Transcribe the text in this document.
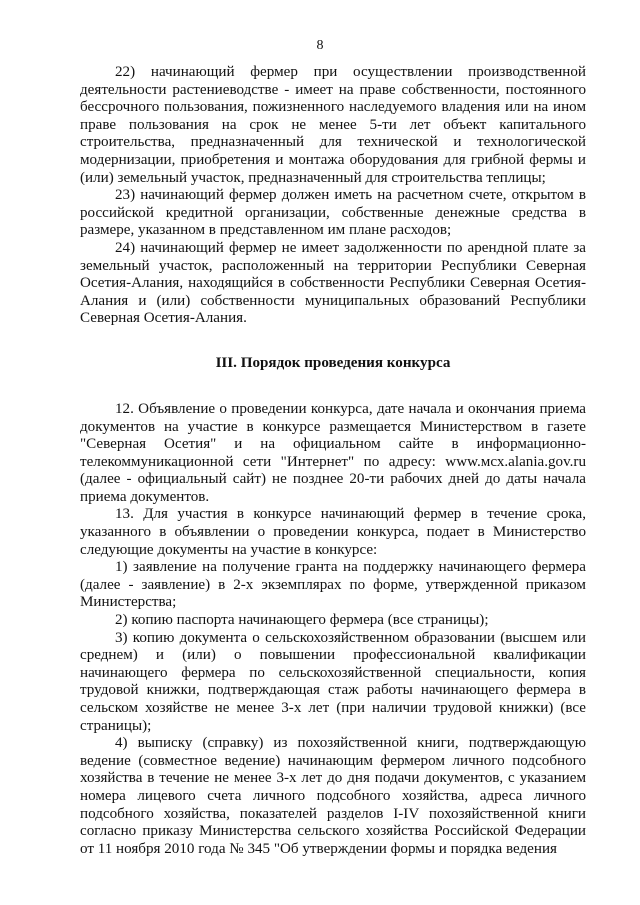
8

22) начинающий фермер при осуществлении производственной деятельности растениеводстве - имеет на праве собственности, постоянного бессрочного пользования, пожизненного наследуемого владения или на ином праве пользования на срок не менее 5-ти лет объект капитального строительства, предназначенный для технической и технологической модернизации, приобретения и монтажа оборудования для грибной фермы и (или) земельный участок, предназначенный для строительства теплицы;

23) начинающий фермер должен иметь на расчетном счете, открытом в российской кредитной организации, собственные денежные средства в размере, указанном в представленном им плане расходов;

24) начинающий фермер не имеет задолженности по арендной плате за земельный участок, расположенный на территории Республики Северная Осетия-Алания, находящийся в собственности Республики Северная Осетия-Алания и (или) собственности муниципальных образований Республики Северная Осетия-Алания.

III. Порядок проведения конкурса

12. Объявление о проведении конкурса, дате начала и окончания приема документов на участие в конкурсе размещается Министерством в газете "Северная Осетия" и на официальном сайте в информационно-телекоммуникационной сети "Интернет" по адресу: www.мсх.alania.gov.ru (далее - официальный сайт) не позднее 20-ти рабочих дней до даты начала приема документов.

13. Для участия в конкурсе начинающий фермер в течение срока, указанного в объявлении о проведении конкурса, подает в Министерство следующие документы на участие в конкурсе:

1) заявление на получение гранта на поддержку начинающего фермера (далее - заявление) в 2-х экземплярах по форме, утвержденной приказом Министерства;

2) копию паспорта начинающего фермера (все страницы);

3) копию документа о сельскохозяйственном образовании (высшем или среднем) и (или) о повышении профессиональной квалификации начинающего фермера по сельскохозяйственной специальности, копия трудовой книжки, подтверждающая стаж работы начинающего фермера в сельском хозяйстве не менее 3-х лет (при наличии трудовой книжки) (все страницы);

4) выписку (справку) из похозяйственной книги, подтверждающую ведение (совместное ведение) начинающим фермером личного подсобного хозяйства в течение не менее 3-х лет до дня подачи документов, с указанием номера лицевого счета личного подсобного хозяйства, адреса личного подсобного хозяйства, показателей разделов I-IV похозяйственной книги согласно приказу Министерства сельского хозяйства Российской Федерации от 11 ноября 2010 года № 345 "Об утверждении формы и порядка ведения
